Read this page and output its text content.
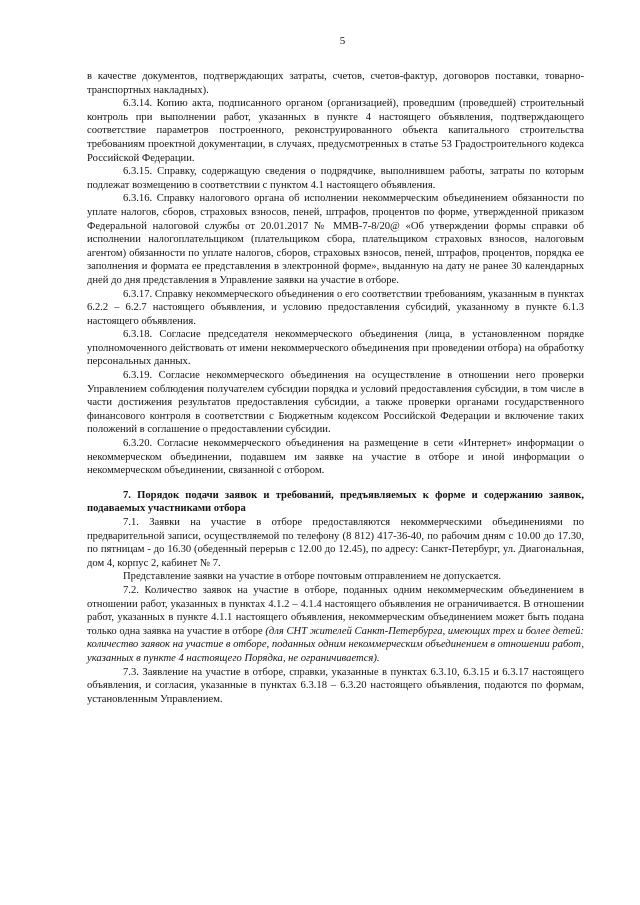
5

в качестве документов, подтверждающих затраты, счетов, счетов-фактур, договоров поставки, товарно-транспортных накладных).

6.3.14. Копию акта, подписанного органом (организацией), проведшим (проведшей) строительный контроль при выполнении работ, указанных в пункте 4 настоящего объявления, подтверждающего соответствие параметров построенного, реконструированного объекта капитального строительства требованиям проектной документации, в случаях, предусмотренных в статье 53 Градостроительного кодекса Российской Федерации.

6.3.15. Справку, содержащую сведения о подрядчике, выполнившем работы, затраты по которым подлежат возмещению в соответствии с пунктом 4.1 настоящего объявления.

6.3.16. Справку налогового органа об исполнении некоммерческим объединением обязанности по уплате налогов, сборов, страховых взносов, пеней, штрафов, процентов по форме, утвержденной приказом Федеральной налоговой службы от 20.01.2017 № ММВ-7-8/20@ «Об утверждении формы справки об исполнении налогоплательщиком (плательщиком сбора, плательщиком страховых взносов, налоговым агентом) обязанности по уплате налогов, сборов, страховых взносов, пеней, штрафов, процентов, порядка ее заполнения и формата ее представления в электронной форме», выданную на дату не ранее 30 календарных дней до дня представления в Управление заявки на участие в отборе.

6.3.17. Справку некоммерческого объединения о его соответствии требованиям, указанным в пунктах 6.2.2 – 6.2.7 настоящего объявления, и условию предоставления субсидий, указанному в пункте 6.1.3 настоящего объявления.

6.3.18. Согласие председателя некоммерческого объединения (лица, в установленном порядке уполномоченного действовать от имени некоммерческого объединения при проведении отбора) на обработку персональных данных.

6.3.19. Согласие некоммерческого объединения на осуществление в отношении него проверки Управлением соблюдения получателем субсидии порядка и условий предоставления субсидии, в том числе в части достижения результатов предоставления субсидии, а также проверки органами государственного финансового контроля в соответствии с Бюджетным кодексом Российской Федерации и включение таких положений в соглашение о предоставлении субсидии.

6.3.20. Согласие некоммерческого объединения на размещение в сети «Интернет» информации о некоммерческом объединении, подавшем им заявке на участие в отборе и иной информации о некоммерческом объединении, связанной с отбором.

7. Порядок подачи заявок и требований, предъявляемых к форме и содержанию заявок, подаваемых участниками отбора

7.1. Заявки на участие в отборе предоставляются некоммерческими объединениями по предварительной записи, осуществляемой по телефону (8 812) 417-36-40, по рабочим дням с 10.00 до 17.30, по пятницам - до 16.30 (обеденный перерыв с 12.00 до 12.45), по адресу: Санкт-Петербург, ул. Диагональная, дом 4, корпус 2, кабинет № 7.

Представление заявки на участие в отборе почтовым отправлением не допускается.

7.2. Количество заявок на участие в отборе, поданных одним некоммерческим объединением в отношении работ, указанных в пунктах 4.1.2 – 4.1.4 настоящего объявления не ограничивается. В отношении работ, указанных в пункте 4.1.1 настоящего объявления, некоммерческим объединением может быть подана только одна заявка на участие в отборе (для СНТ жителей Санкт-Петербурга, имеющих трех и более детей: количество заявок на участие в отборе, поданных одним некоммерческим объединением в отношении работ, указанных в пункте 4 настоящего Порядка, не ограничивается).

7.3. Заявление на участие в отборе, справки, указанные в пунктах 6.3.10, 6.3.15 и 6.3.17 настоящего объявления, и согласия, указанные в пунктах 6.3.18 – 6.3.20 настоящего объявления, подаются по формам, установленным Управлением.
